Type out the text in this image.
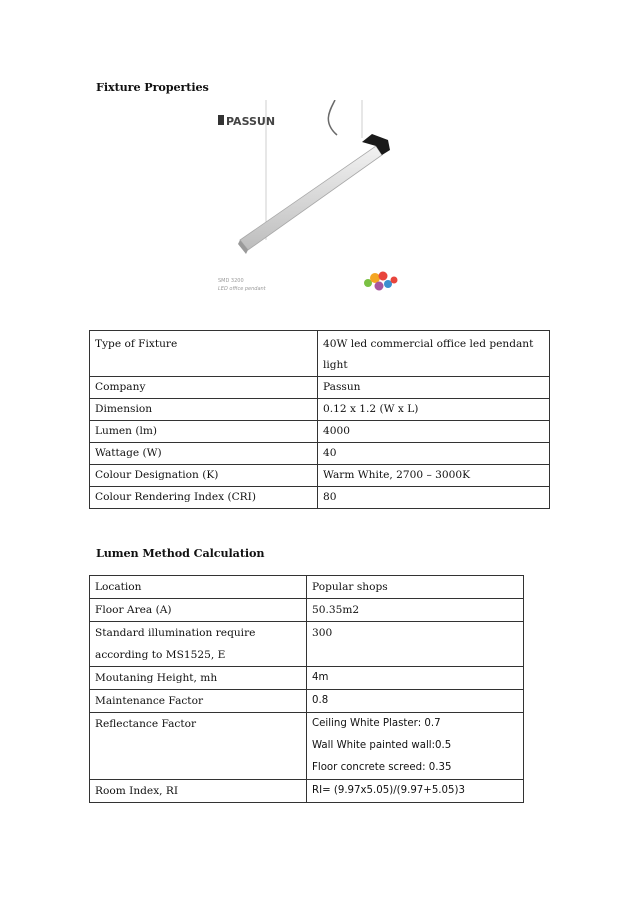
Fixture Properties
PASSUN
SMD 3200
LED office pendant
Type of Fixture	40W led commercial office led pendant light
Company	Passun
Dimension	0.12 x 1.2 (W x L)
Lumen (lm)	4000
Wattage (W)	40
Colour Designation (K)	Warm White, 2700 – 3000K
Colour Rendering Index (CRI)	80
Lumen Method Calculation
Location	Popular shops
Floor Area (A)	50.35m2
Standard illumination require according to MS1525, E	300
Moutaning Height, mh	4m
Maintenance Factor	0.8
Reflectance Factor	Ceiling White Plaster: 0.7
Wall White painted wall:0.5
Floor concrete screed: 0.35

Room Index, RI	RI= (9.97x5.05)/(9.97+5.05)3
